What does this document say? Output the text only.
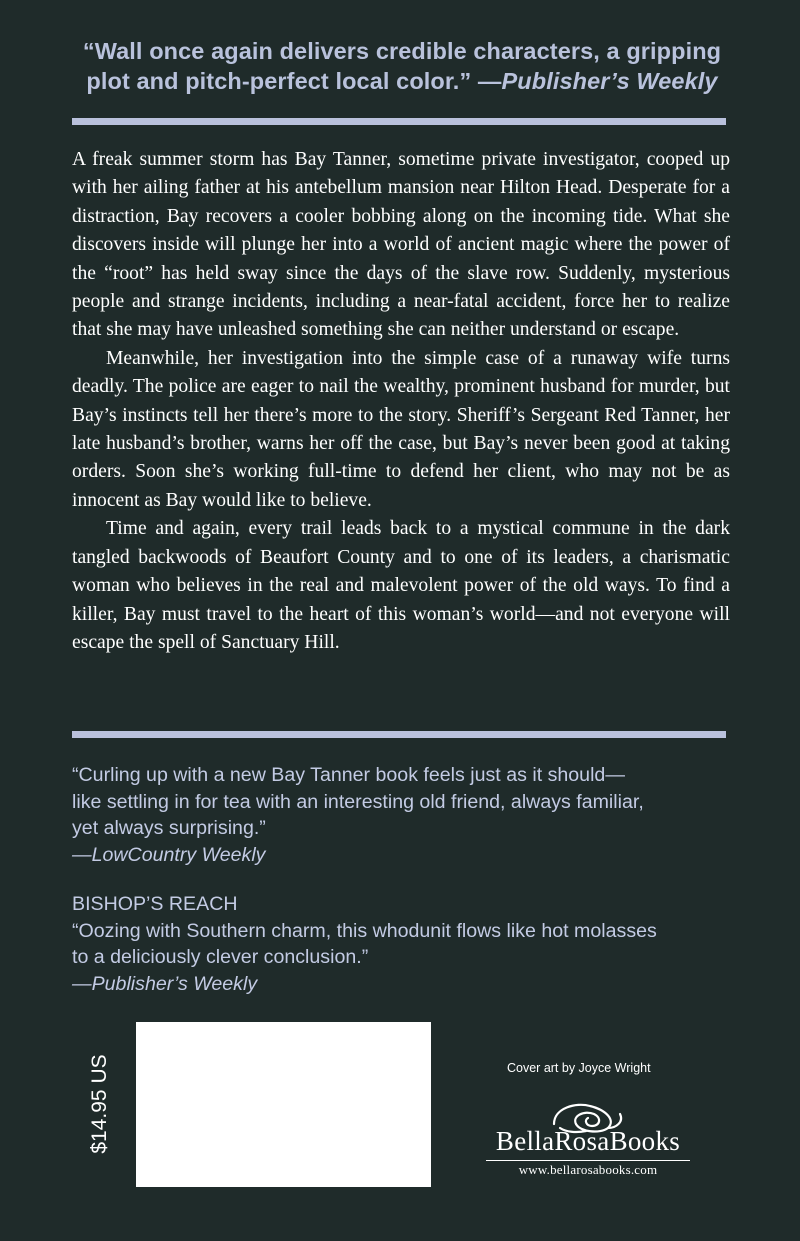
“Wall once again delivers credible characters, a gripping
plot and pitch-perfect local color.” —Publisher’s Weekly

A freak summer storm has Bay Tanner, sometime private investigator, cooped up with her ailing father at his antebellum mansion near Hilton Head. Desperate for a distraction, Bay recovers a cooler bobbing along on the incoming tide. What she discovers inside will plunge her into a world of ancient magic where the power of the “root” has held sway since the days of the slave row. Suddenly, mysterious people and strange incidents, including a near-fatal accident, force her to realize that she may have unleashed something she can neither understand or escape.

Meanwhile, her investigation into the simple case of a runaway wife turns deadly. The police are eager to nail the wealthy, prominent husband for murder, but Bay’s instincts tell her there’s more to the story. Sheriff’s Sergeant Red Tanner, her late husband’s brother, warns her off the case, but Bay’s never been good at taking orders. Soon she’s working full-time to defend her client, who may not be as innocent as Bay would like to believe.

Time and again, every trail leads back to a mystical commune in the dark tangled backwoods of Beaufort County and to one of its leaders, a charismatic woman who believes in the real and malevolent power of the old ways. To find a killer, Bay must travel to the heart of this woman’s world—and not everyone will escape the spell of Sanctuary Hill.

“Curling up with a new Bay Tanner book feels just as it should—
like settling in for tea with an interesting old friend, always familiar,
yet always surprising.”
—LowCountry Weekly
BISHOP’S REACH
“Oozing with Southern charm, this whodunit flows like hot molasses
to a deliciously clever conclusion.”
—Publisher’s Weekly
$14.95 US	Cover art by Joyce Wright
BellaRosaBooks
www.bellarosabooks.com
